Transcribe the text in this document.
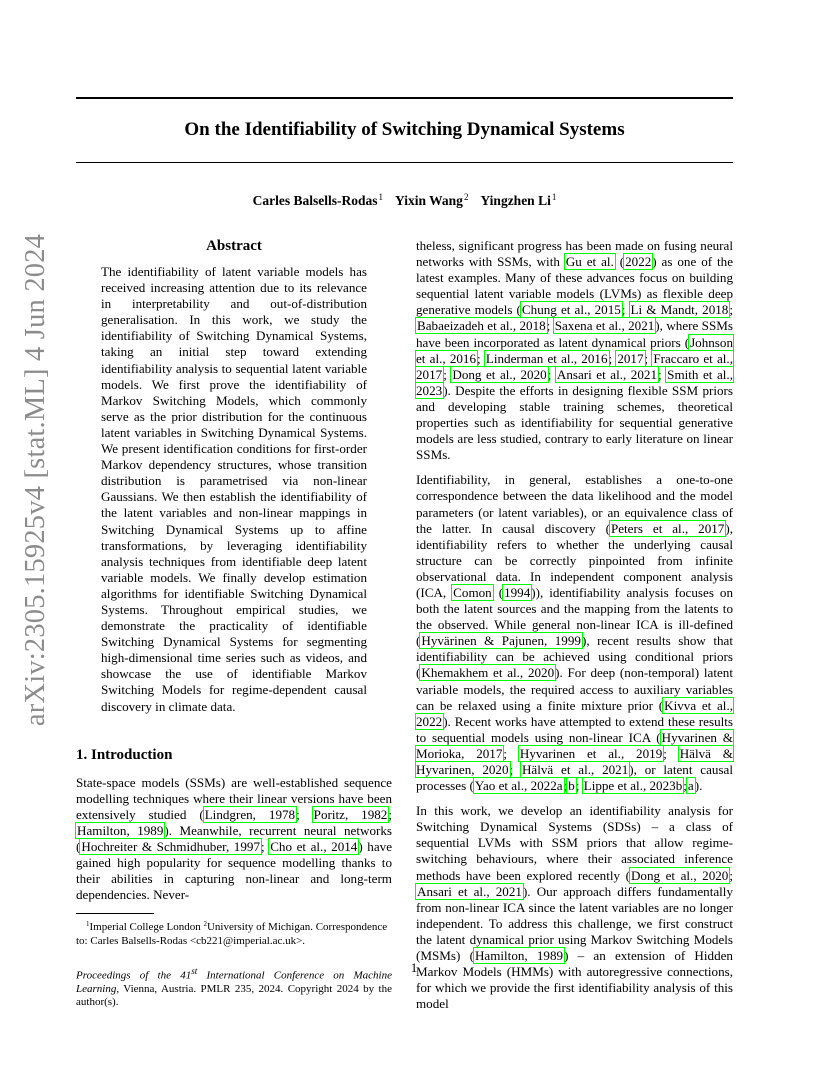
On the Identifiability of Switching Dynamical Systems
Carles Balsells-Rodas$^1$ Yixin Wang$^2$ Yingzhen Li$^1$
arXiv:2305.15925v4 [stat.ML] 4 Jun 2024	Abstract

The identifiability of latent variable models has received increasing attention due to its relevance in interpretability and out-of-distribution generalisation. In this work, we study the identifiability of Switching Dynamical Systems, taking an initial step toward extending identifiability analysis to sequential latent variable models. We first prove the identifiability of Markov Switching Models, which commonly serve as the prior distribution for the continuous latent variables in Switching Dynamical Systems. We present identification conditions for first-order Markov dependency structures, whose transition distribution is parametrised via non-linear Gaussians. We then establish the identifiability of the latent variables and non-linear mappings in Switching Dynamical Systems up to affine transformations, by leveraging identifiability analysis techniques from identifiable deep latent variable models. We finally develop estimation algorithms for identifiable Switching Dynamical Systems. Throughout empirical studies, we demonstrate the practicality of identifiable Switching Dynamical Systems for segmenting high-dimensional time series such as videos, and showcase the use of identifiable Markov Switching Models for regime-dependent causal discovery in climate data.

1. Introduction

State-space models (SSMs) are well-established sequence modelling techniques where their linear versions have been extensively studied (Lindgren, 1978; Poritz, 1982; Hamilton, 1989). Meanwhile, recurrent neural networks (Hochreiter & Schmidhuber, 1997; Cho et al., 2014) have gained high popularity for sequence modelling thanks to their abilities in capturing non-linear and long-term dependencies. Never-

$^1$Imperial College London $^2$University of Michigan. Correspondence to: Carles Balsells-Rodas <cb221@imperial.ac.uk>.
Proceedings of the 41st International Conference on Machine Learning, Vienna, Austria. PMLR 235, 2024. Copyright 2024 by the author(s).

theless, significant progress has been made on fusing neural networks with SSMs, with Gu et al. (2022) as one of the latest examples. Many of these advances focus on building sequential latent variable models (LVMs) as flexible deep generative models (Chung et al., 2015; Li & Mandt, 2018; Babaeizadeh et al., 2018; Saxena et al., 2021), where SSMs have been incorporated as latent dynamical priors (Johnson et al., 2016; Linderman et al., 2016; 2017; Fraccaro et al., 2017; Dong et al., 2020; Ansari et al., 2021; Smith et al., 2023). Despite the efforts in designing flexible SSM priors and developing stable training schemes, theoretical properties such as identifiability for sequential generative models are less studied, contrary to early literature on linear SSMs.

Identifiability, in general, establishes a one-to-one correspondence between the data likelihood and the model parameters (or latent variables), or an equivalence class of the latter. In causal discovery (Peters et al., 2017), identifiability refers to whether the underlying causal structure can be correctly pinpointed from infinite observational data. In independent component analysis (ICA, Comon (1994)), identifiability analysis focuses on both the latent sources and the mapping from the latents to the observed. While general non-linear ICA is ill-defined (Hyvärinen & Pajunen, 1999), recent results show that identifiability can be achieved using conditional priors (Khemakhem et al., 2020). For deep (non-temporal) latent variable models, the required access to auxiliary variables can be relaxed using a finite mixture prior (Kivva et al., 2022). Recent works have attempted to extend these results to sequential models using non-linear ICA (Hyvarinen & Morioka, 2017; Hyvarinen et al., 2019; Hälvä & Hyvarinen, 2020; Hälvä et al., 2021), or latent causal processes (Yao et al., 2022a;b; Lippe et al., 2023b;a).

In this work, we develop an identifiability analysis for Switching Dynamical Systems (SDSs) – a class of sequential LVMs with SSM priors that allow regime-switching behaviours, where their associated inference methods have been explored recently (Dong et al., 2020; Ansari et al., 2021). Our approach differs fundamentally from non-linear ICA since the latent variables are no longer independent. To address this challenge, we first construct the latent dynamical prior using Markov Switching Models (MSMs) (Hamilton, 1989) – an extension of Hidden Markov Models (HMMs) with autoregressive connections, for which we provide the first identifiability analysis of this model

1
